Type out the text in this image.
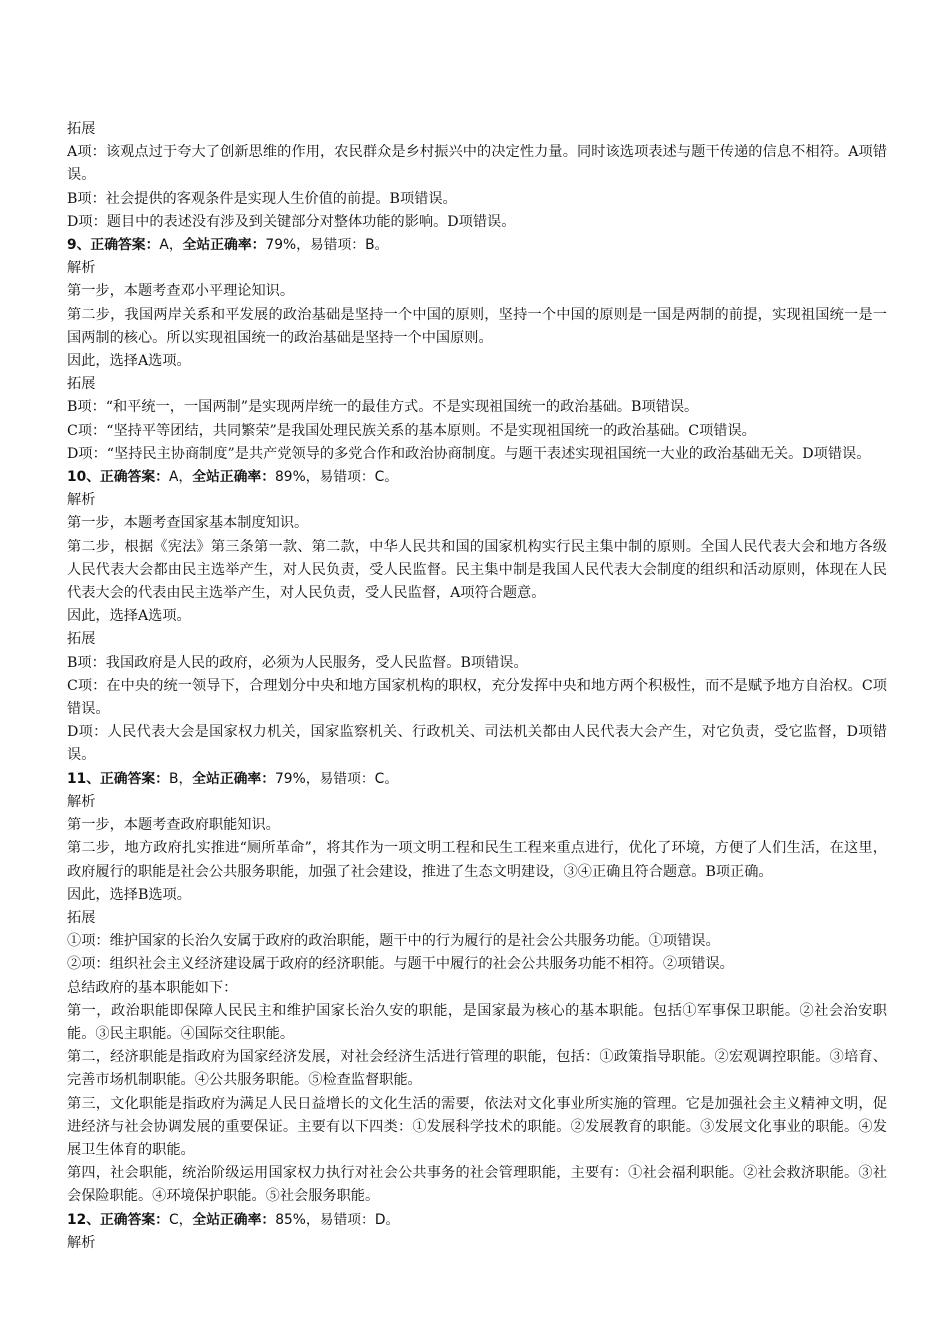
拓展

A项：该观点过于夸大了创新思维的作用，农民群众是乡村振兴中的决定性力量。同时该选项表述与题干传递的信息不相符。A项错误。

B项：社会提供的客观条件是实现人生价值的前提。B项错误。

D项：题目中的表述没有涉及到关键部分对整体功能的影响。D项错误。

9、正确答案：A，全站正确率：79%，易错项：B。

解析

第一步，本题考查邓小平理论知识。

第二步，我国两岸关系和平发展的政治基础是坚持一个中国的原则，坚持一个中国的原则是一国是两制的前提，实现祖国统一是一国两制的核心。所以实现祖国统一的政治基础是坚持一个中国原则。

因此，选择A选项。

拓展

B项：“和平统一，一国两制”是实现两岸统一的最佳方式。不是实现祖国统一的政治基础。B项错误。

C项：“坚持平等团结，共同繁荣”是我国处理民族关系的基本原则。不是实现祖国统一的政治基础。C项错误。

D项：“坚持民主协商制度”是共产党领导的多党合作和政治协商制度。与题干表述实现祖国统一大业的政治基础无关。D项错误。

10、正确答案：A，全站正确率：89%，易错项：C。

解析

第一步，本题考查国家基本制度知识。

第二步，根据《宪法》第三条第一款、第二款，中华人民共和国的国家机构实行民主集中制的原则。全国人民代表大会和地方各级人民代表大会都由民主选举产生，对人民负责，受人民监督。民主集中制是我国人民代表大会制度的组织和活动原则，体现在人民代表大会的代表由民主选举产生，对人民负责，受人民监督，A项符合题意。

因此，选择A选项。

拓展

B项：我国政府是人民的政府，必须为人民服务，受人民监督。B项错误。

C项：在中央的统一领导下，合理划分中央和地方国家机构的职权，充分发挥中央和地方两个积极性，而不是赋予地方自治权。C项错误。

D项：人民代表大会是国家权力机关，国家监察机关、行政机关、司法机关都由人民代表大会产生，对它负责，受它监督，D项错误。

11、正确答案：B，全站正确率：79%，易错项：C。

解析

第一步，本题考查政府职能知识。

第二步，地方政府扎实推进“厕所革命”，将其作为一项文明工程和民生工程来重点进行，优化了环境，方便了人们生活，在这里，政府履行的职能是社会公共服务职能，加强了社会建设，推进了生态文明建设，③④正确且符合题意。B项正确。

因此，选择B选项。

拓展

①项：维护国家的长治久安属于政府的政治职能，题干中的行为履行的是社会公共服务功能。①项错误。

②项：组织社会主义经济建设属于政府的经济职能。与题干中履行的社会公共服务功能不相符。②项错误。

总结政府的基本职能如下：

第一，政治职能即保障人民民主和维护国家长治久安的职能，是国家最为核心的基本职能。包括①军事保卫职能。②社会治安职能。③民主职能。④国际交往职能。

第二，经济职能是指政府为国家经济发展，对社会经济生活进行管理的职能，包括：①政策指导职能。②宏观调控职能。③培育、完善市场机制职能。④公共服务职能。⑤检查监督职能。

第三，文化职能是指政府为满足人民日益增长的文化生活的需要，依法对文化事业所实施的管理。它是加强社会主义精神文明，促进经济与社会协调发展的重要保证。主要有以下四类：①发展科学技术的职能。②发展教育的职能。③发展文化事业的职能。④发展卫生体育的职能。

第四，社会职能，统治阶级运用国家权力执行对社会公共事务的社会管理职能，主要有：①社会福利职能。②社会救济职能。③社会保险职能。④环境保护职能。⑤社会服务职能。

12、正确答案：C，全站正确率：85%，易错项：D。

解析
